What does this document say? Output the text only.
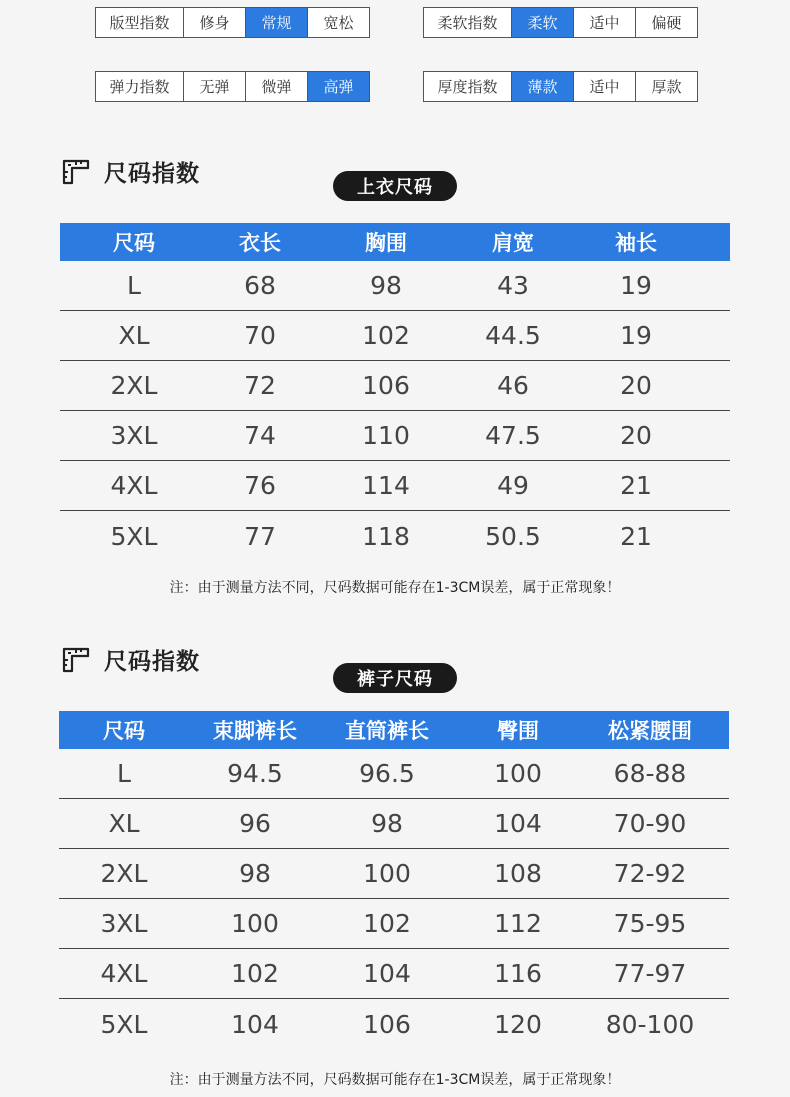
版型指数	修身	常规	宽松	柔软指数	柔软	适中	偏硬
弹力指数	无弹	微弹	高弹	厚度指数	薄款	适中	厚款
尺码指数
上衣尺码
尺码	衣长	胸围	肩宽	袖长
L	68	98	43	19
XL	70	102	44.5	19
2XL	72	106	46	20
3XL	74	110	47.5	20
4XL	76	114	49	21
5XL	77	118	50.5	21
注：由于测量方法不同，尺码数据可能存在1-3CM误差，属于正常现象！
尺码指数
裤子尺码
尺码	束脚裤长	直筒裤长	臀围	松紧腰围
L	94.5	96.5	100	68-88
XL	96	98	104	70-90
2XL	98	100	108	72-92
3XL	100	102	112	75-95
4XL	102	104	116	77-97
5XL	104	106	120	80-100
注：由于测量方法不同，尺码数据可能存在1-3CM误差，属于正常现象！
